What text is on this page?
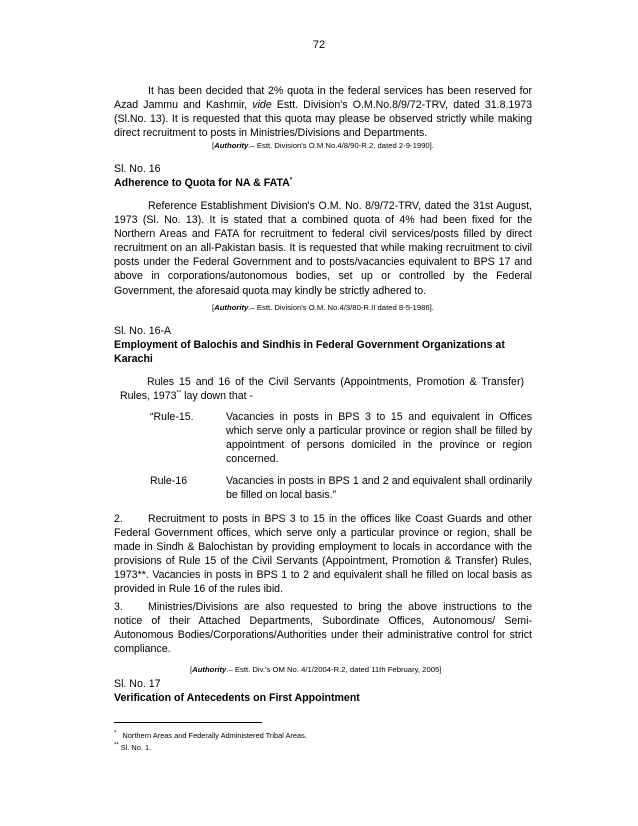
72

It has been decided that 2% quota in the federal services has been reserved for Azad Jammu and Kashmir, vide Estt. Division's O.M.No.8/9/72-TRV, dated 31.8.1973 (Sl.No. 13). It is requested that this quota may please be observed strictly while making direct recruitment to posts in Ministries/Divisions and Departments.

[Authority.– Estt. Division's O.M No.4/8/90-R.2, dated 2-9-1990].

Sl. No. 16

Adherence to Quota for NA & FATA*

Reference Establishment Division's O.M. No. 8/9/72-TRV, dated the 31st August, 1973 (Sl. No. 13). It is stated that a combined quota of 4% had been fixed for the Northern Areas and FATA for recruitment to federal civil services/posts filled by direct recruitment on an all-Pakistan basis. It is requested that while making recruitment to civil posts under the Federal Government and to posts/vacancies equivalent to BPS 17 and above in corporations/autonomous bodies, set up or controlled by the Federal Government, the aforesaid quota may kindly be strictly adhered to.

[Authority.– Estt. Division's O.M. No.4/3/80-R.II dated 8-5-1986].

Sl. No. 16-A

Employment of Balochis and Sindhis in Federal Government Organizations at Karachi

Rules 15 and 16 of the Civil Servants (Appointments, Promotion & Transfer) Rules, 1973** lay down that -

“Rule-15.	Vacancies in posts in BPS 3 to 15 and equivalent in Offices which serve only a particular province or region shall be filled by appointment of persons domiciled in the province or region concerned.
Rule-16	Vacancies in posts in BPS 1 and 2 and equivalent shall ordinarily be filled on local basis.”

2. Recruitment to posts in BPS 3 to 15 in the offices like Coast Guards and other Federal Government offices, which serve only a particular province or region, shall be made in Sindh & Balochistan by providing employment to locals in accordance with the provisions of Rule 15 of the Civil Servants (Appointment, Promotion & Transfer) Rules, 1973**. Vacancies in posts in BPS 1 to 2 and equivalent shall he filled on local basis as provided in Rule 16 of the rules ibid.

3. Ministries/Divisions are also requested to bring the above instructions to the notice of their Attached Departments, Subordinate Offices, Autonomous/ Semi-Autonomous Bodies/Corporations/Authorities under their administrative control for strict compliance.

[Authority.– Estt. Div.'s OM No. 4/1/2004-R.2, dated 11th February, 2005]

Sl. No. 17

Verification of Antecedents on First Appointment

* Northern Areas and Federally Administered Tribal Areas.

** Sl. No. 1.
